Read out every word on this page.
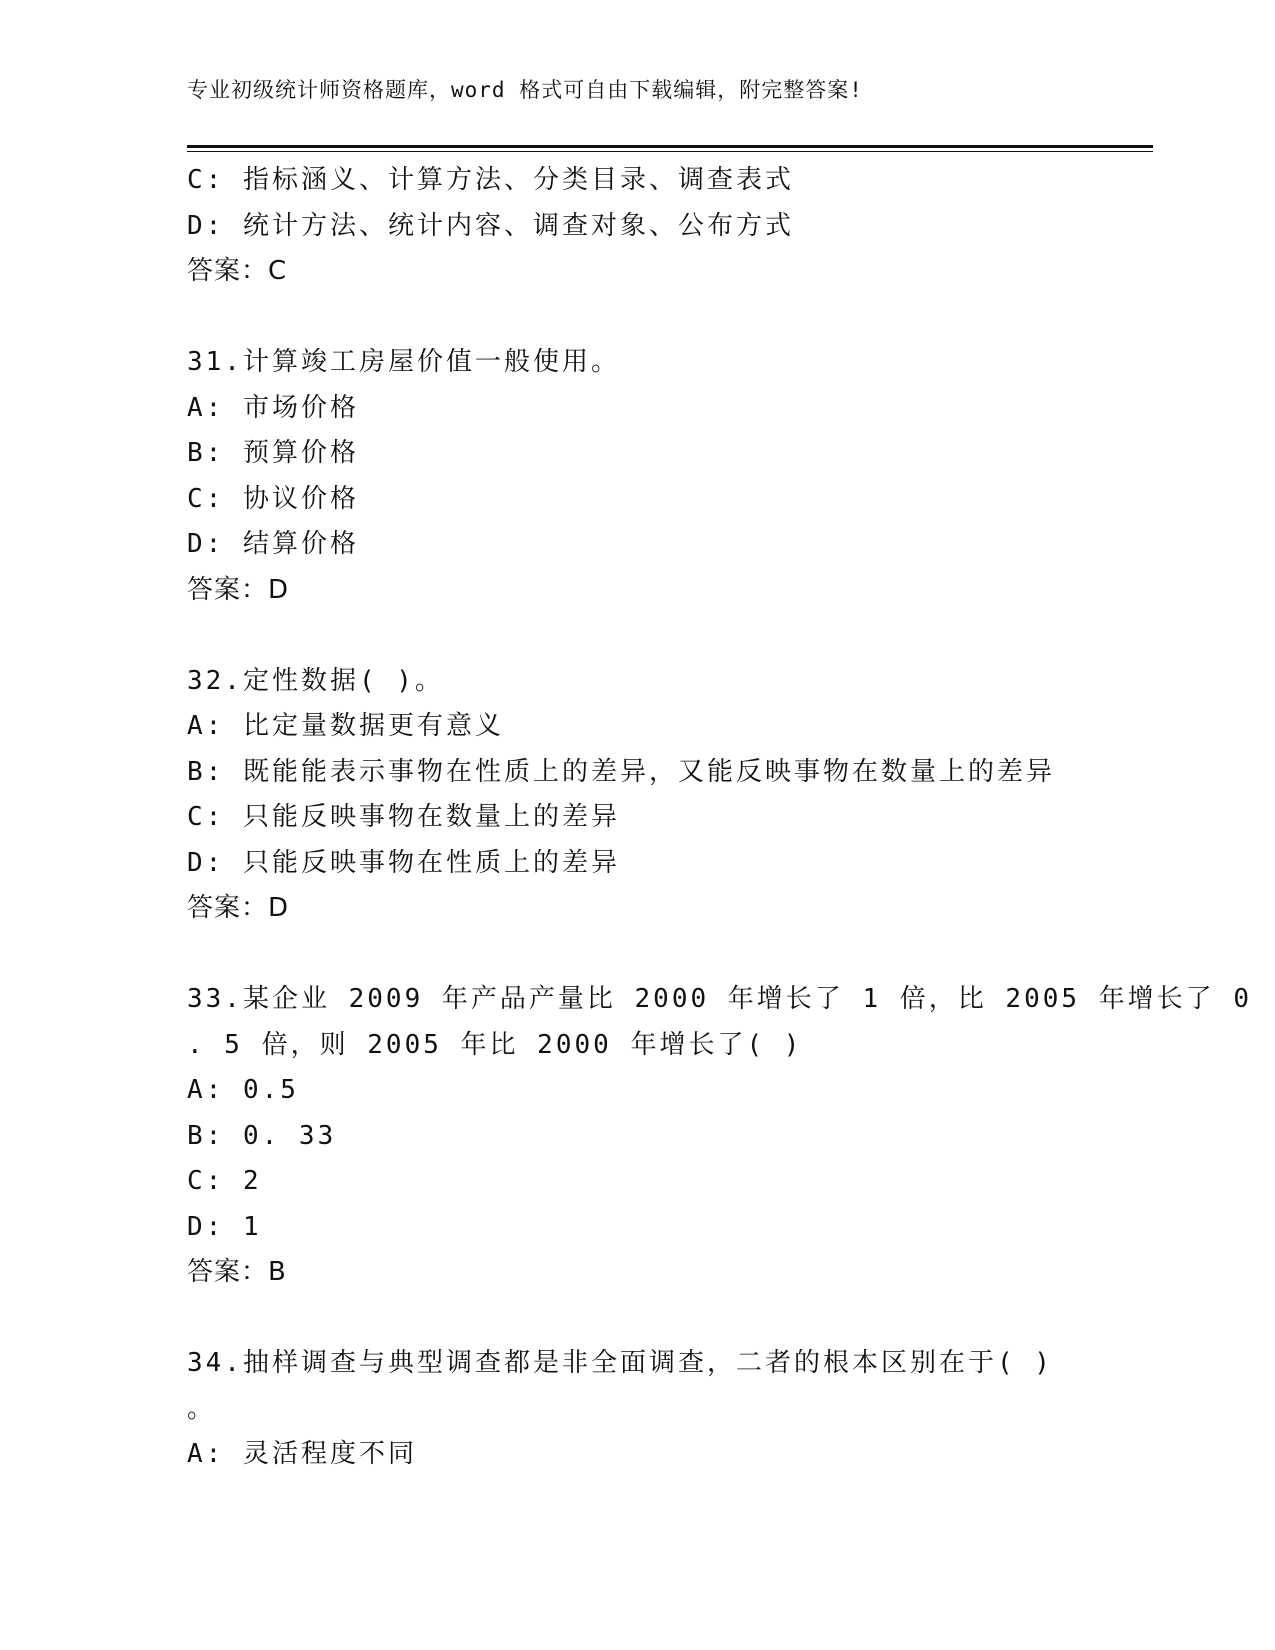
专业初级统计师资格题库，word 格式可自由下载编辑，附完整答案!
C: 指标涵义、计算方法、分类目录、调查表式
D: 统计方法、统计内容、调查对象、公布方式
答案：C
31.计算竣工房屋价值一般使用。
A: 市场价格
B: 预算价格
C: 协议价格
D: 结算价格
答案：D
32.定性数据( )。
A: 比定量数据更有意义
B: 既能能表示事物在性质上的差异，又能反映事物在数量上的差异
C: 只能反映事物在数量上的差异
D: 只能反映事物在性质上的差异
答案：D
33.某企业 2009 年产品产量比 2000 年增长了 1 倍，比 2005 年增长了 0
. 5 倍，则 2005 年比 2000 年增长了( )
A: 0.5
B: 0. 33
C: 2
D: 1
答案：B
34.抽样调查与典型调查都是非全面调查，二者的根本区别在于( )
。
A: 灵活程度不同
